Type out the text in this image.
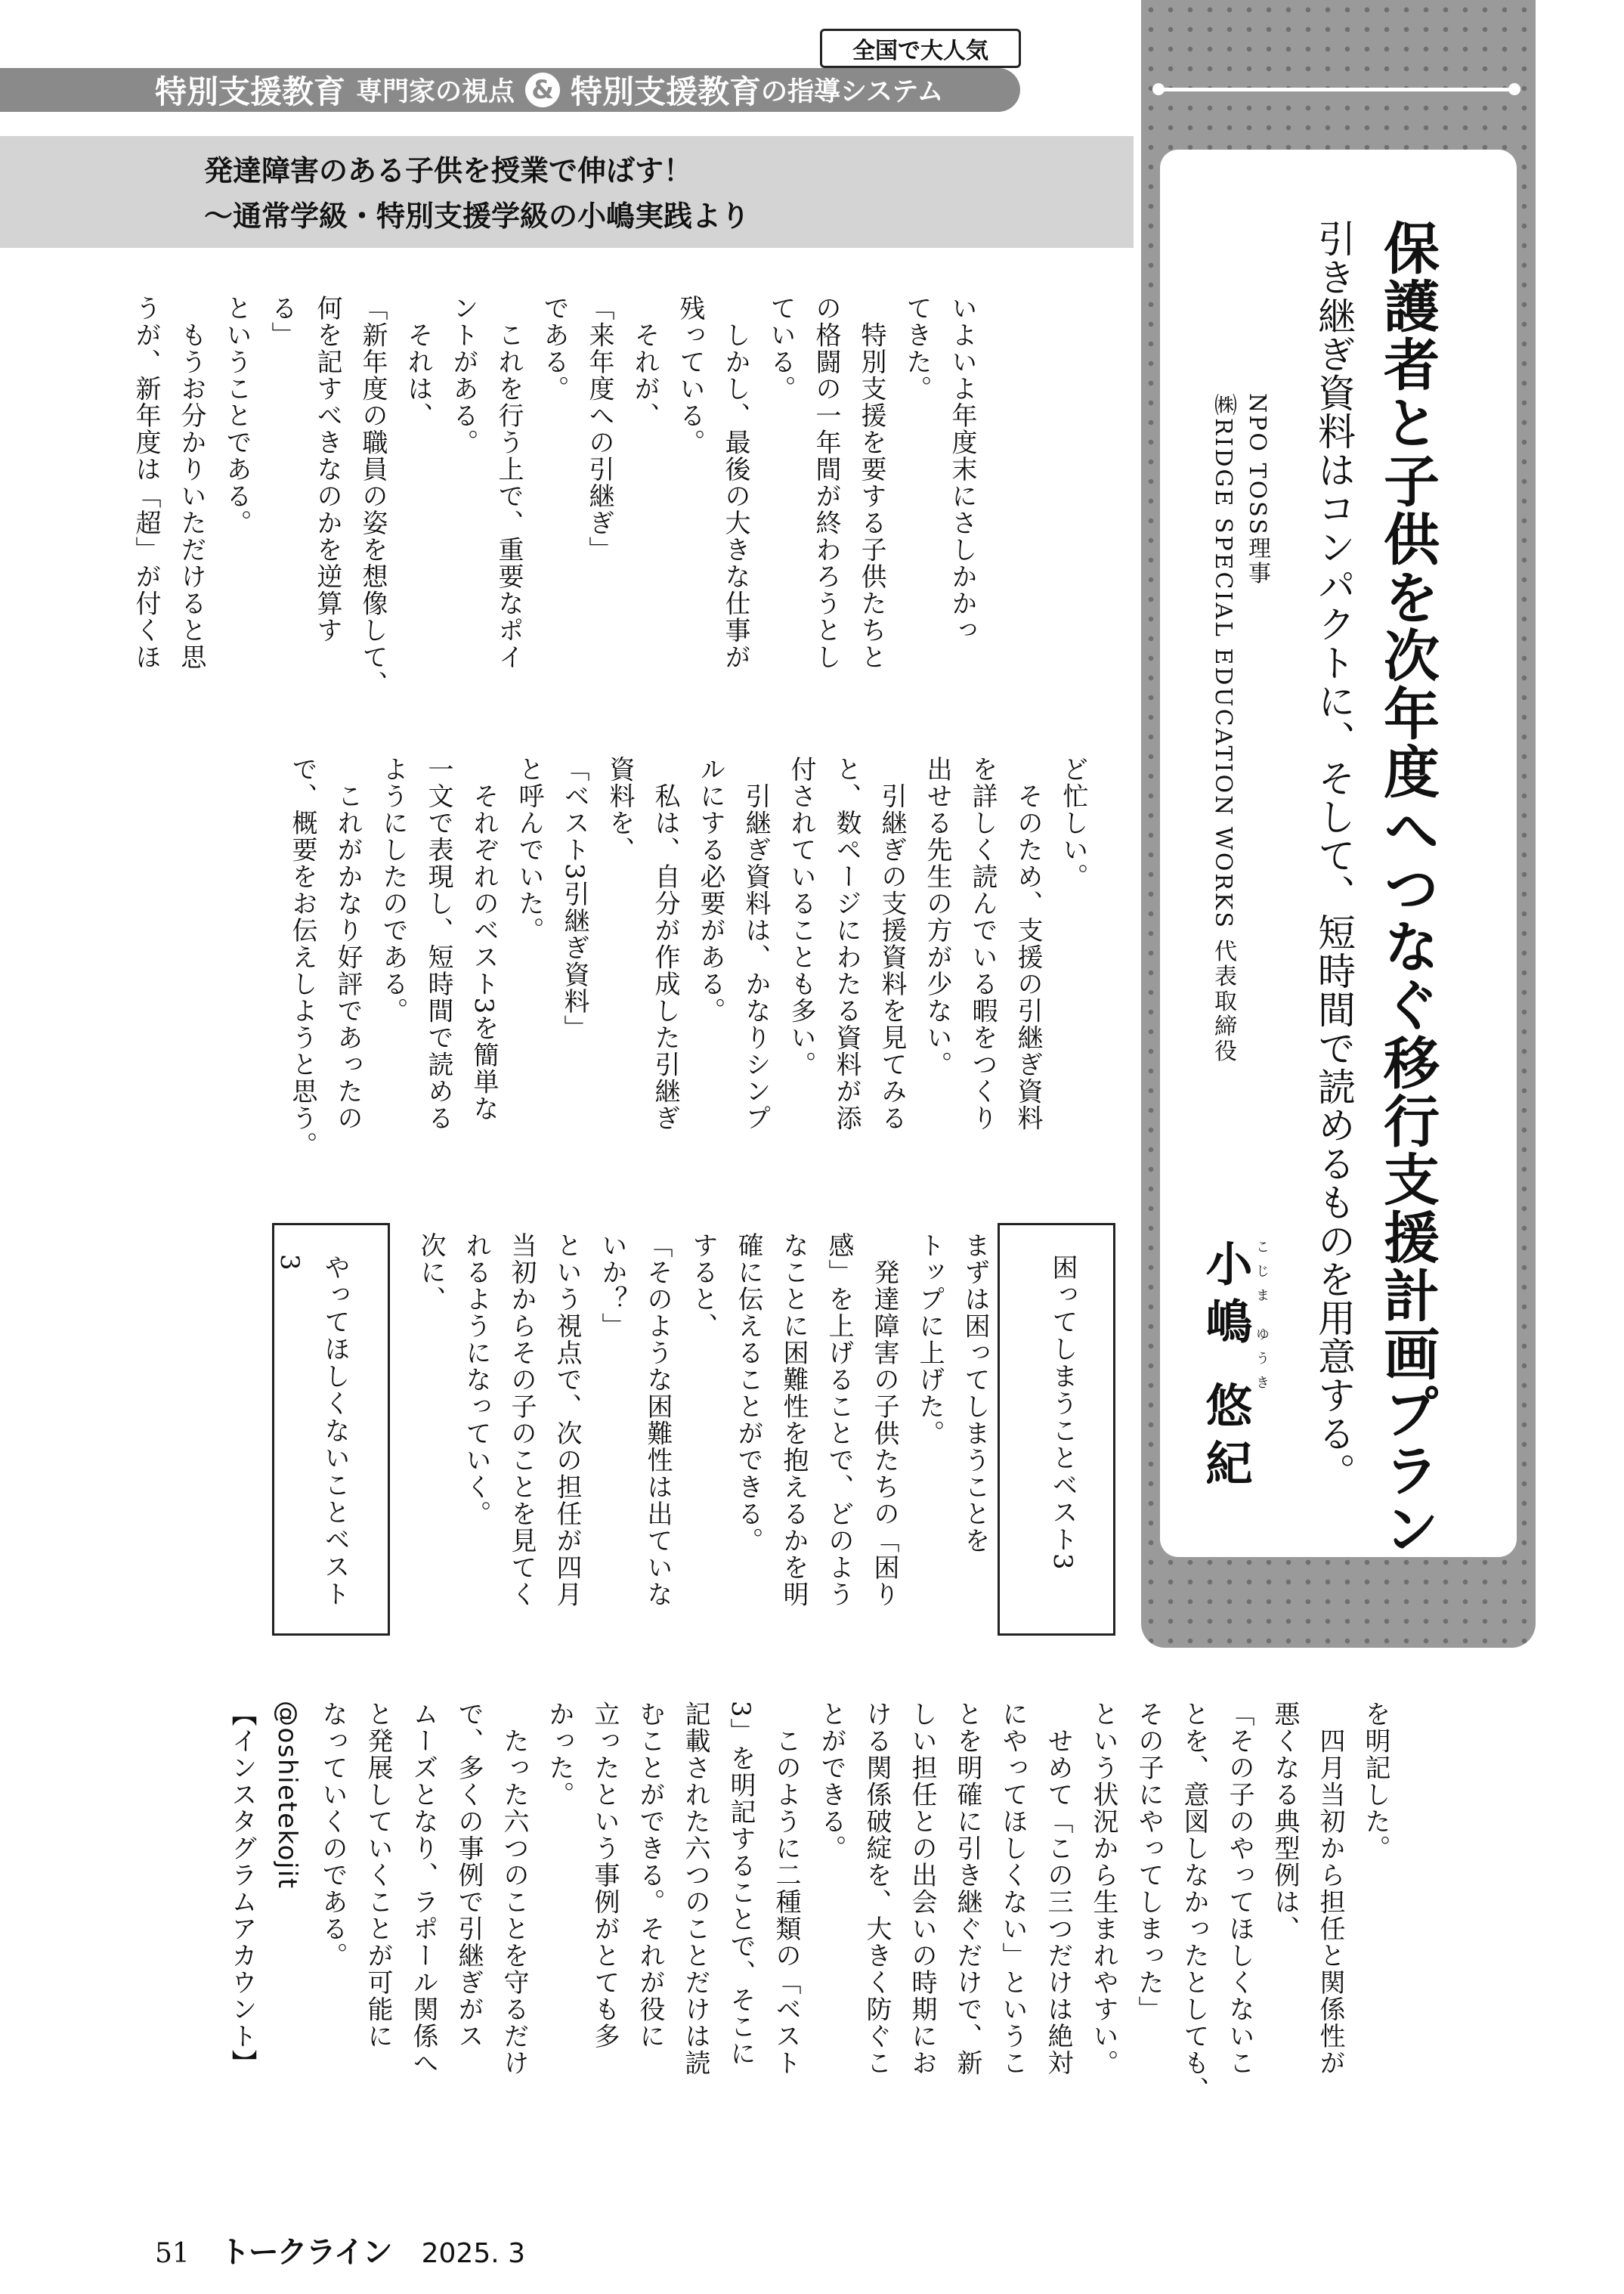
全国で大人気
特別支援教育 専門家の視点 & 特別支援教育 の指導システム
発達障害のある子供を授業で伸ばす！
～通常学級・特別支援学級の小嶋実践より
保護者と子供を次年度へつなぐ移行支援計画プラン
引き継ぎ資料はコンパクトに、そして、短時間で読めるものを用意する。
NPO TOSS理事
㈱RIDGE SPECIAL EDUCATION WORKS 代表取締役
小嶋 悠紀 こじま ゆうき

いよいよ年度末にさしかかっ
てきた。
　特別支援を要する子供たちと
の格闘の一年間が終わろうとし
ている。
　しかし、最後の大きな仕事が
残っている。
　それが、
「来年度への引継ぎ」
である。
　これを行う上で、重要なポイ
ントがある。
　それは、
「新年度の職員の姿を想像して、
何を記すべきなのかを逆算す
る」
ということである。
　もうお分かりいただけると思
うが、新年度は「超」が付くほ

ど忙しい。
　そのため、支援の引継ぎ資料
を詳しく読んでいる暇をつくり
出せる先生の方が少ない。
　引継ぎの支援資料を見てみる
と、数ページにわたる資料が添
付されていることも多い。
　引継ぎ資料は、かなりシンプ
ルにする必要がある。
　私は、自分が作成した引継ぎ
資料を、
「ベスト3引継ぎ資料」
と呼んでいた。
　それぞれのベスト3を簡単な
一文で表現し、短時間で読める
ようにしたのである。
　これがかなり好評であったの
で、概要をお伝えしようと思う。

困ってしまうことベスト3

まずは困ってしまうことを
トップに上げた。
　発達障害の子供たちの「困り
感」を上げることで、どのよう
なことに困難性を抱えるかを明
確に伝えることができる。
すると、
「そのような困難性は出ていな
いか？」
という視点で、次の担任が四月
当初からその子のことを見てく
れるようになっていく。
次に、

やってほしくないことベスト3

を明記した。
　四月当初から担任と関係性が
悪くなる典型例は、
「その子のやってほしくないこ
とを、意図しなかったとしても、
その子にやってしまった」
という状況から生まれやすい。
　せめて「この三つだけは絶対
にやってほしくない」というこ
とを明確に引き継ぐだけで、新
しい担任との出会いの時期にお
ける関係破綻を、大きく防ぐこ
とができる。
　このように二種類の「ベスト
3」を明記することで、そこに
記載された六つのことだけは読
むことができる。それが役に
立ったという事例がとても多
かった。
　たった六つのことを守るだけ
で、多くの事例で引継ぎがス
ムーズとなり、ラポール関係へ
と発展していくことが可能に
なっていくのである。
@oshietekojit
【インスタグラムアカウント】

51 トークライン 2025. 3
